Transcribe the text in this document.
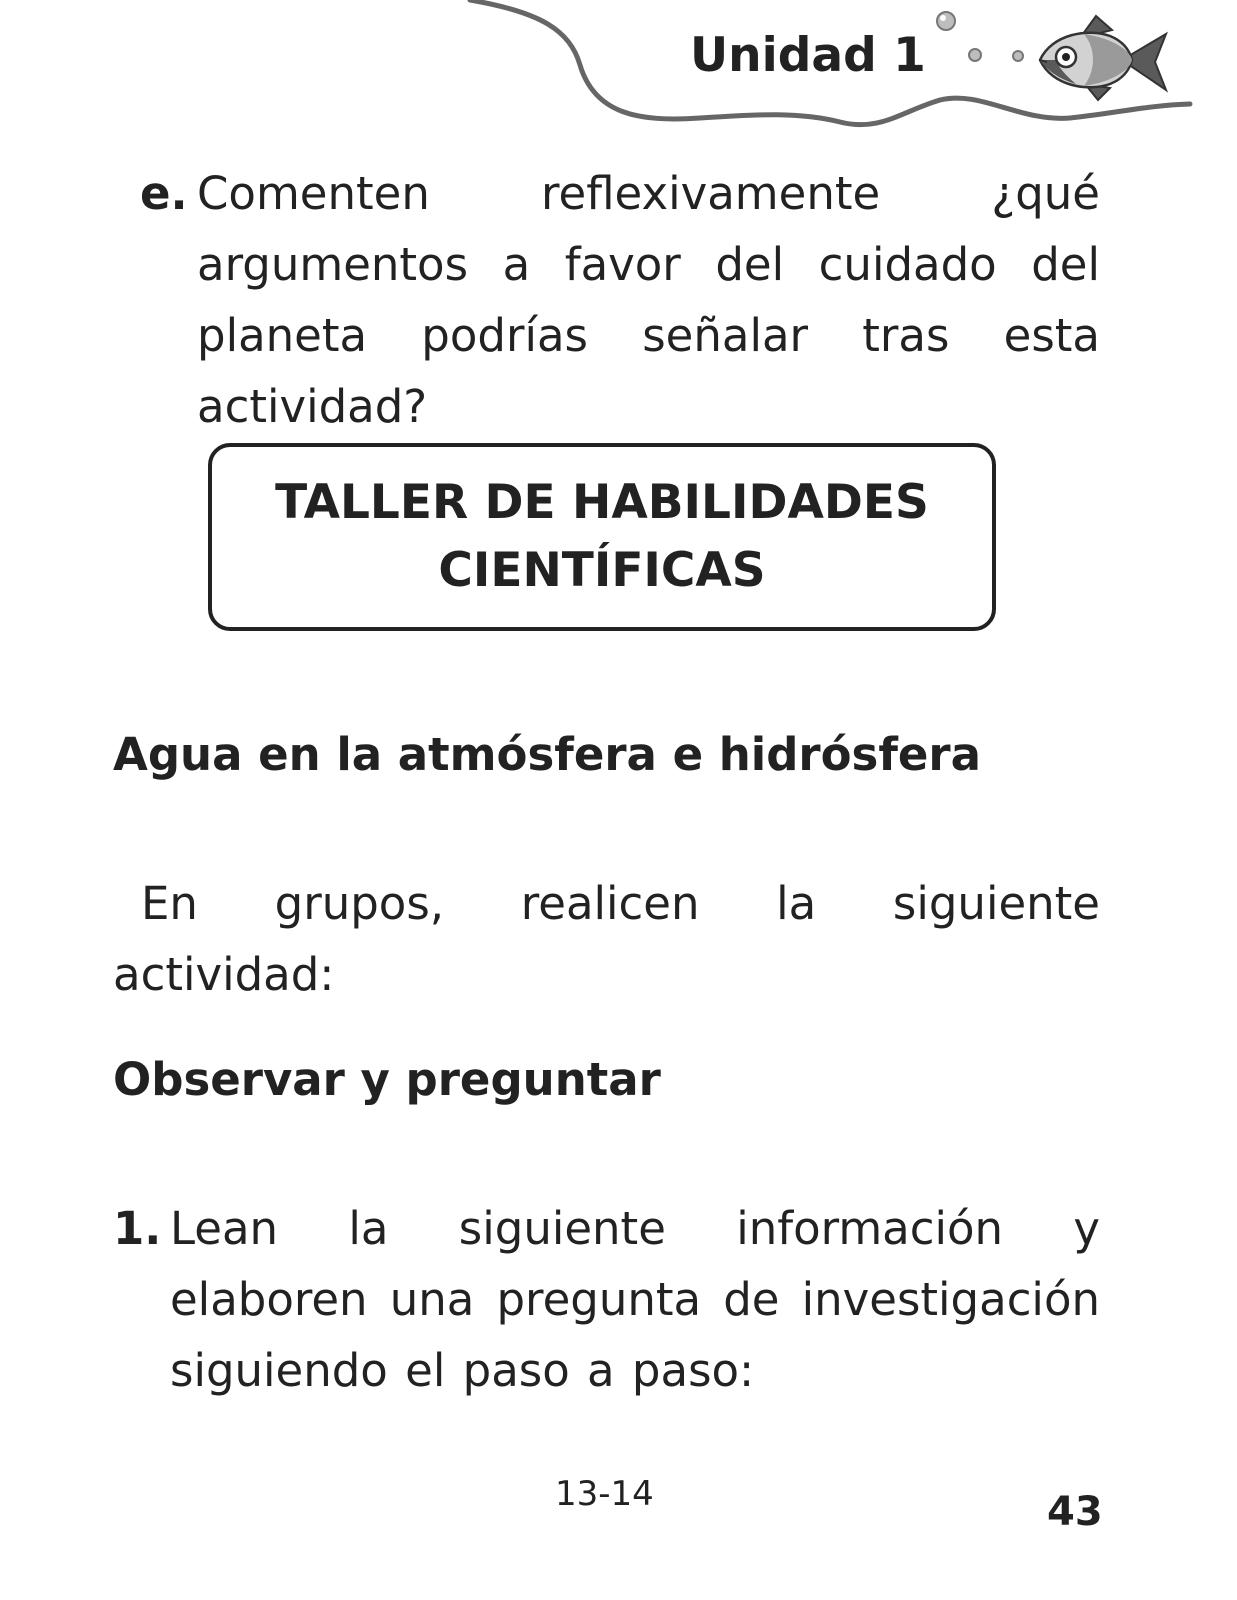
Unidad 1
e. Comenten reflexivamente ¿qué argumentos a favor del cuidado del planeta podrías señalar tras esta actividad?
TALLER DE HABILIDADES
CIENTÍFICAS
Agua en la atmósfera e hidrósfera
En grupos, realicen la siguiente actividad:
Observar y preguntar
1. Lean la siguiente información y elaboren una pregunta de investigación siguiendo el paso a paso:
13-14	43
